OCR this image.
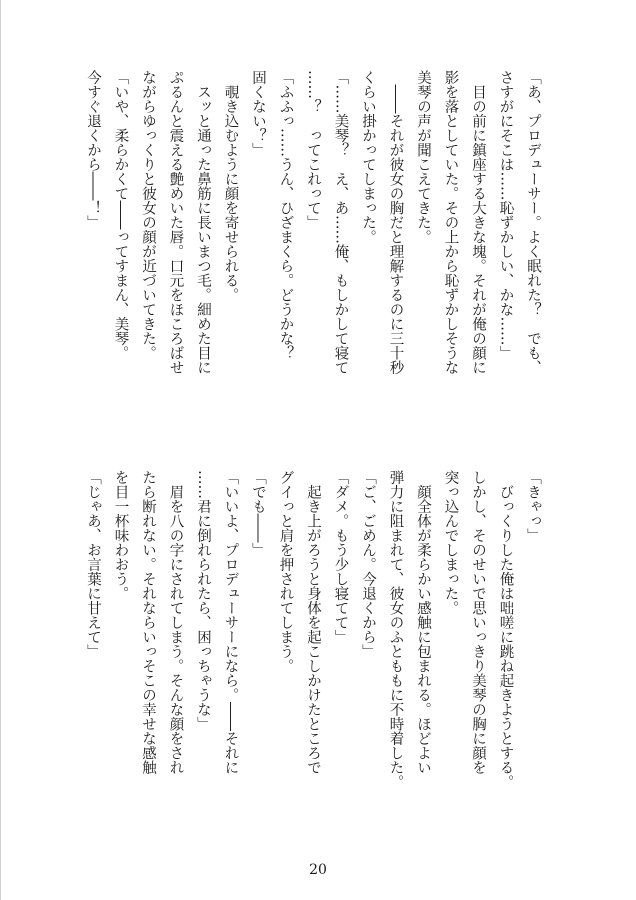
「あ、プロデューサー。よく眠れた？　でも、
さすがにそこは……恥ずかしい、かな……」
　目の前に鎮座する大きな塊。それが俺の顔に
影を落としていた。その上から恥ずかしそうな
美琴の声が聞こえてきた。
　――それが彼女の胸だと理解するのに三十秒
くらい掛かってしまった。
「……美琴？　え、あ……俺、もしかして寝て
……？　ってこれって」
「ふふっ……うん、ひざまくら。どうかな？
固くない？」
　覗き込むように顔を寄せられる。
　スッと通った鼻筋に長いまつ毛。細めた目に
ぷるんと震える艶めいた唇。口元をほころばせ
ながらゆっくりと彼女の顔が近づいてきた。
「いや、柔らかくて――ってすまん、美琴。
今すぐ退くから――！」
「きゃっ」
　びっくりした俺は咄嗟に跳ね起きようとする。
しかし、そのせいで思いっきり美琴の胸に顔を
突っ込んでしまった。
　顔全体が柔らかい感触に包まれる。ほどよい
弾力に阻まれて、彼女のふとももに不時着した。
「ご、ごめん。今退くから」
「ダメ。もう少し寝てて」
　起き上がろうと身体を起こしかけたところで
グイっと肩を押されてしまう。
「でも――」
「いいよ、プロデューサーになら。――それに
……君に倒れられたら、困っちゃうな」
　眉を八の字にされてしまう。そんな顔をされ
たら断れない。それならいっそこの幸せな感触
を目一杯味わおう。
「じゃあ、お言葉に甘えて」
20
